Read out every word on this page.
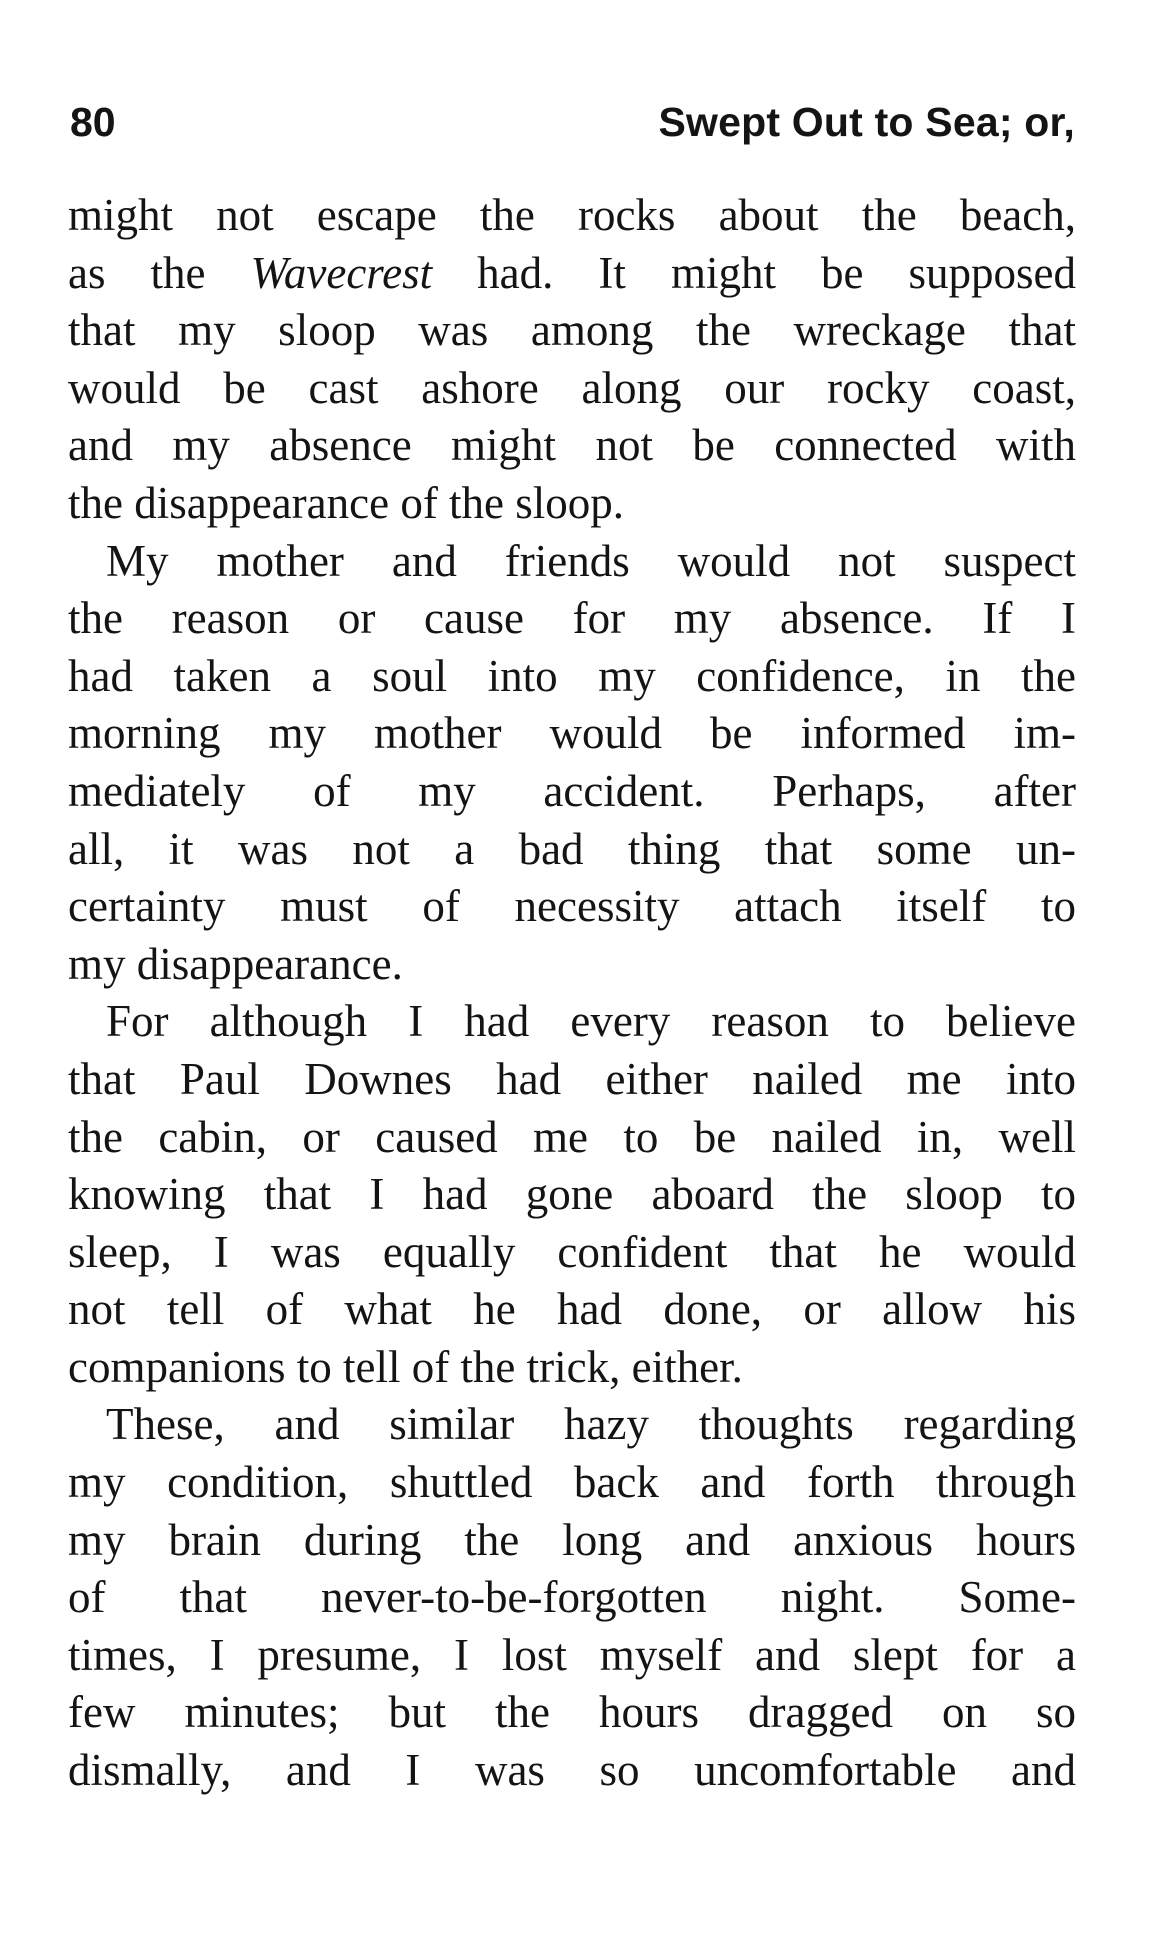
80	Swept Out to Sea; or,
might not escape the rocks about the beach,
as the Wavecrest had. It might be supposed
that my sloop was among the wreckage that
would be cast ashore along our rocky coast,
and my absence might not be connected with
the disappearance of the sloop.
My mother and friends would not suspect
the reason or cause for my absence. If I
had taken a soul into my confidence, in the
morning my mother would be informed im-
mediately of my accident. Perhaps, after
all, it was not a bad thing that some un-
certainty must of necessity attach itself to
my disappearance.
For although I had every reason to believe
that Paul Downes had either nailed me into
the cabin, or caused me to be nailed in, well
knowing that I had gone aboard the sloop to
sleep, I was equally confident that he would
not tell of what he had done, or allow his
companions to tell of the trick, either.
These, and similar hazy thoughts regarding
my condition, shuttled back and forth through
my brain during the long and anxious hours
of that never-to-be-forgotten night. Some-
times, I presume, I lost myself and slept for a
few minutes; but the hours dragged on so
dismally, and I was so uncomfortable and
